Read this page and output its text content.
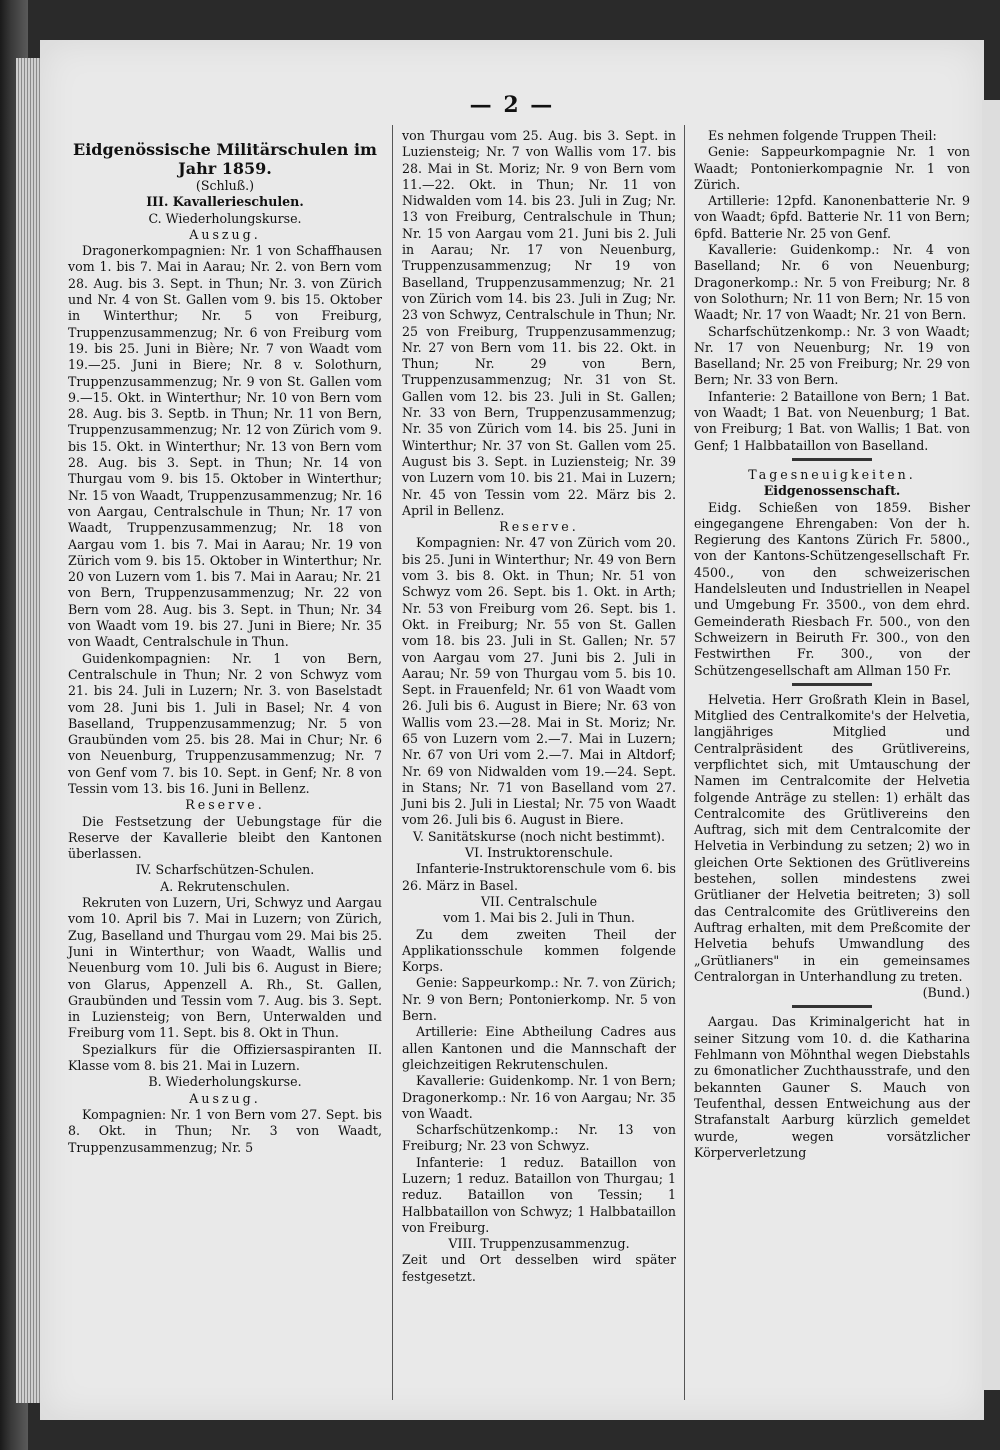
— 2 —

Eidgenössische Militärschulen im Jahr 1859.

(Schluß.)

III. Kavallerieschulen.

C. Wiederholungskurse.

Auszug.

Dragonerkompagnien: Nr. 1 von Schaffhausen vom 1. bis 7. Mai in Aarau; Nr. 2. von Bern vom 28. Aug. bis 3. Sept. in Thun; Nr. 3. von Zürich und Nr. 4 von St. Gallen vom 9. bis 15. Oktober in Winterthur; Nr. 5 von Freiburg, Truppenzusammenzug; Nr. 6 von Freiburg vom 19. bis 25. Juni in Bière; Nr. 7 von Waadt vom 19.—25. Juni in Biere; Nr. 8 v. Solothurn, Truppenzusammenzug; Nr. 9 von St. Gallen vom 9.—15. Okt. in Winterthur; Nr. 10 von Bern vom 28. Aug. bis 3. Septb. in Thun; Nr. 11 von Bern, Truppenzusammenzug; Nr. 12 von Zürich vom 9. bis 15. Okt. in Winterthur; Nr. 13 von Bern vom 28. Aug. bis 3. Sept. in Thun; Nr. 14 von Thurgau vom 9. bis 15. Oktober in Winterthur; Nr. 15 von Waadt, Truppenzusammenzug; Nr. 16 von Aargau, Centralschule in Thun; Nr. 17 von Waadt, Truppenzusammenzug; Nr. 18 von Aargau vom 1. bis 7. Mai in Aarau; Nr. 19 von Zürich vom 9. bis 15. Oktober in Winterthur; Nr. 20 von Luzern vom 1. bis 7. Mai in Aarau; Nr. 21 von Bern, Truppenzusammenzug; Nr. 22 von Bern vom 28. Aug. bis 3. Sept. in Thun; Nr. 34 von Waadt vom 19. bis 27. Juni in Biere; Nr. 35 von Waadt, Centralschule in Thun.

Guidenkompagnien: Nr. 1 von Bern, Centralschule in Thun; Nr. 2 von Schwyz vom 21. bis 24. Juli in Luzern; Nr. 3. von Baselstadt vom 28. Juni bis 1. Juli in Basel; Nr. 4 von Baselland, Truppenzusammenzug; Nr. 5 von Graubünden vom 25. bis 28. Mai in Chur; Nr. 6 von Neuenburg, Truppenzusammenzug; Nr. 7 von Genf vom 7. bis 10. Sept. in Genf; Nr. 8 von Tessin vom 13. bis 16. Juni in Bellenz.

Reserve.

Die Festsetzung der Uebungstage für die Reserve der Kavallerie bleibt den Kantonen überlassen.

IV. Scharfschützen-Schulen.

A. Rekrutenschulen.

Rekruten von Luzern, Uri, Schwyz und Aargau vom 10. April bis 7. Mai in Luzern; von Zürich, Zug, Baselland und Thurgau vom 29. Mai bis 25. Juni in Winterthur; von Waadt, Wallis und Neuenburg vom 10. Juli bis 6. August in Biere; von Glarus, Appenzell A. Rh., St. Gallen, Graubünden und Tessin vom 7. Aug. bis 3. Sept. in Luziensteig; von Bern, Unterwalden und Freiburg vom 11. Sept. bis 8. Okt in Thun.

Spezialkurs für die Offiziersaspiranten II. Klasse vom 8. bis 21. Mai in Luzern.

B. Wiederholungskurse.

Auszug.

Kompagnien: Nr. 1 von Bern vom 27. Sept. bis 8. Okt. in Thun; Nr. 3 von Waadt, Truppenzusammenzug; Nr. 5

von Thurgau vom 25. Aug. bis 3. Sept. in Luziensteig; Nr. 7 von Wallis vom 17. bis 28. Mai in St. Moriz; Nr. 9 von Bern vom 11.—22. Okt. in Thun; Nr. 11 von Nidwalden vom 14. bis 23. Juli in Zug; Nr. 13 von Freiburg, Centralschule in Thun; Nr. 15 von Aargau vom 21. Juni bis 2. Juli in Aarau; Nr. 17 von Neuenburg, Truppenzusammenzug; Nr 19 von Baselland, Truppenzusammenzug; Nr. 21 von Zürich vom 14. bis 23. Juli in Zug; Nr. 23 von Schwyz, Centralschule in Thun; Nr. 25 von Freiburg, Truppenzusammenzug; Nr. 27 von Bern vom 11. bis 22. Okt. in Thun; Nr. 29 von Bern, Truppenzusammenzug; Nr. 31 von St. Gallen vom 12. bis 23. Juli in St. Gallen; Nr. 33 von Bern, Truppenzusammenzug; Nr. 35 von Zürich vom 14. bis 25. Juni in Winterthur; Nr. 37 von St. Gallen vom 25. August bis 3. Sept. in Luziensteig; Nr. 39 von Luzern vom 10. bis 21. Mai in Luzern; Nr. 45 von Tessin vom 22. März bis 2. April in Bellenz.

Reserve.

Kompagnien: Nr. 47 von Zürich vom 20. bis 25. Juni in Winterthur; Nr. 49 von Bern vom 3. bis 8. Okt. in Thun; Nr. 51 von Schwyz vom 26. Sept. bis 1. Okt. in Arth; Nr. 53 von Freiburg vom 26. Sept. bis 1. Okt. in Freiburg; Nr. 55 von St. Gallen vom 18. bis 23. Juli in St. Gallen; Nr. 57 von Aargau vom 27. Juni bis 2. Juli in Aarau; Nr. 59 von Thurgau vom 5. bis 10. Sept. in Frauenfeld; Nr. 61 von Waadt vom 26. Juli bis 6. August in Biere; Nr. 63 von Wallis vom 23.—28. Mai in St. Moriz; Nr. 65 von Luzern vom 2.—7. Mai in Luzern; Nr. 67 von Uri vom 2.—7. Mai in Altdorf; Nr. 69 von Nidwalden vom 19.—24. Sept. in Stans; Nr. 71 von Baselland vom 27. Juni bis 2. Juli in Liestal; Nr. 75 von Waadt vom 26. Juli bis 6. August in Biere.

V. Sanitätskurse (noch nicht bestimmt).

VI. Instruktorenschule.

Infanterie-Instruktorenschule vom 6. bis 26. März in Basel.

VII. Centralschule

vom 1. Mai bis 2. Juli in Thun.

Zu dem zweiten Theil der Applikationsschule kommen folgende Korps.

Genie: Sappeurkomp.: Nr. 7. von Zürich; Nr. 9 von Bern; Pontonierkomp. Nr. 5 von Bern.

Artillerie: Eine Abtheilung Cadres aus allen Kantonen und die Mannschaft der gleichzeitigen Rekrutenschulen.

Kavallerie: Guidenkomp. Nr. 1 von Bern; Dragonerkomp.: Nr. 16 von Aargau; Nr. 35 von Waadt.

Scharfschützenkomp.: Nr. 13 von Freiburg; Nr. 23 von Schwyz.

Infanterie: 1 reduz. Bataillon von Luzern; 1 reduz. Bataillon von Thurgau; 1 reduz. Bataillon von Tessin; 1 Halbbataillon von Schwyz; 1 Halbbataillon von Freiburg.

VIII. Truppenzusammenzug.

Zeit und Ort desselben wird später festgesetzt.

Es nehmen folgende Truppen Theil:

Genie: Sappeurkompagnie Nr. 1 von Waadt; Pontonierkompagnie Nr. 1 von Zürich.

Artillerie: 12pfd. Kanonenbatterie Nr. 9 von Waadt; 6pfd. Batterie Nr. 11 von Bern; 6pfd. Batterie Nr. 25 von Genf.

Kavallerie: Guidenkomp.: Nr. 4 von Baselland; Nr. 6 von Neuenburg; Dragonerkomp.: Nr. 5 von Freiburg; Nr. 8 von Solothurn; Nr. 11 von Bern; Nr. 15 von Waadt; Nr. 17 von Waadt; Nr. 21 von Bern.

Scharfschützenkomp.: Nr. 3 von Waadt; Nr. 17 von Neuenburg; Nr. 19 von Baselland; Nr. 25 von Freiburg; Nr. 29 von Bern; Nr. 33 von Bern.

Infanterie: 2 Bataillone von Bern; 1 Bat. von Waadt; 1 Bat. von Neuenburg; 1 Bat. von Freiburg; 1 Bat. von Wallis; 1 Bat. von Genf; 1 Halbbataillon von Baselland.

Tagesneuigkeiten.

Eidgenossenschaft.

Eidg. Schießen von 1859. Bisher eingegangene Ehrengaben: Von der h. Regierung des Kantons Zürich Fr. 5800., von der Kantons-Schützengesellschaft Fr. 4500., von den schweizerischen Handelsleuten und Industriellen in Neapel und Umgebung Fr. 3500., von dem ehrd. Gemeinderath Riesbach Fr. 500., von den Schweizern in Beiruth Fr. 300., von den Festwirthen Fr. 300., von der Schützengesellschaft am Allman 150 Fr.

Helvetia. Herr Großrath Klein in Basel, Mitglied des Centralkomite's der Helvetia, langjähriges Mitglied und Centralpräsident des Grütlivereins, verpflichtet sich, mit Umtauschung der Namen im Centralcomite der Helvetia folgende Anträge zu stellen: 1) erhält das Centralcomite des Grütlivereins den Auftrag, sich mit dem Centralcomite der Helvetia in Verbindung zu setzen; 2) wo in gleichen Orte Sektionen des Grütlivereins bestehen, sollen mindestens zwei Grütlianer der Helvetia beitreten; 3) soll das Centralcomite des Grütlivereins den Auftrag erhalten, mit dem Preßcomite der Helvetia behufs Umwandlung des „Grütlianers" in ein gemeinsames Centralorgan in Unterhandlung zu treten.

(Bund.)

Aargau. Das Kriminalgericht hat in seiner Sitzung vom 10. d. die Katharina Fehlmann von Möhnthal wegen Diebstahls zu 6monatlicher Zuchthausstrafe, und den bekannten Gauner S. Mauch von Teufenthal, dessen Entweichung aus der Strafanstalt Aarburg kürzlich gemeldet wurde, wegen vorsätzlicher Körperverletzung
